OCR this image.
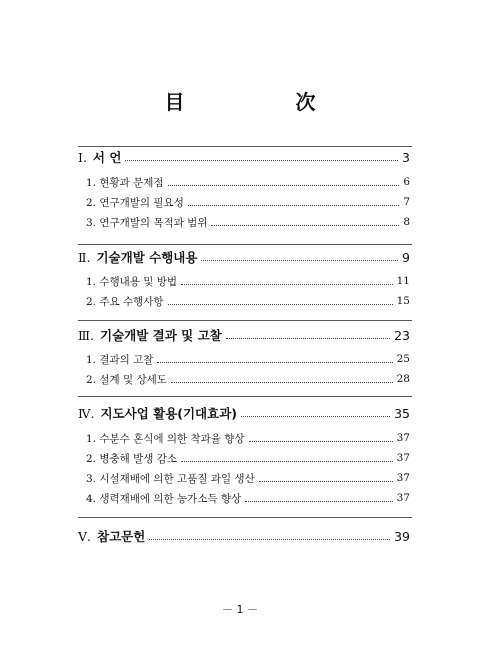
目 次
Ⅰ. 서 언	3
1. 현황과 문제점	6
2. 연구개발의 필요성	7
3. 연구개발의 목적과 범위	8
Ⅱ. 기술개발 수행내용	9
1. 수행내용 및 방법	11
2. 주요 수행사항	15
Ⅲ. 기술개발 결과 및 고찰	23
1. 결과의 고찰	25
2. 설계 및 상세도	28
Ⅳ. 지도사업 활용(기대효과)	35
1. 수분수 혼식에 의한 착과율 향상	37
2. 병충해 발생 감소	37
3. 시설재배에 의한 고품질 과일 생산	37
4. 생력재배에 의한 농가소득 향상	37
Ⅴ. 참고문헌	39
－ 1 －
